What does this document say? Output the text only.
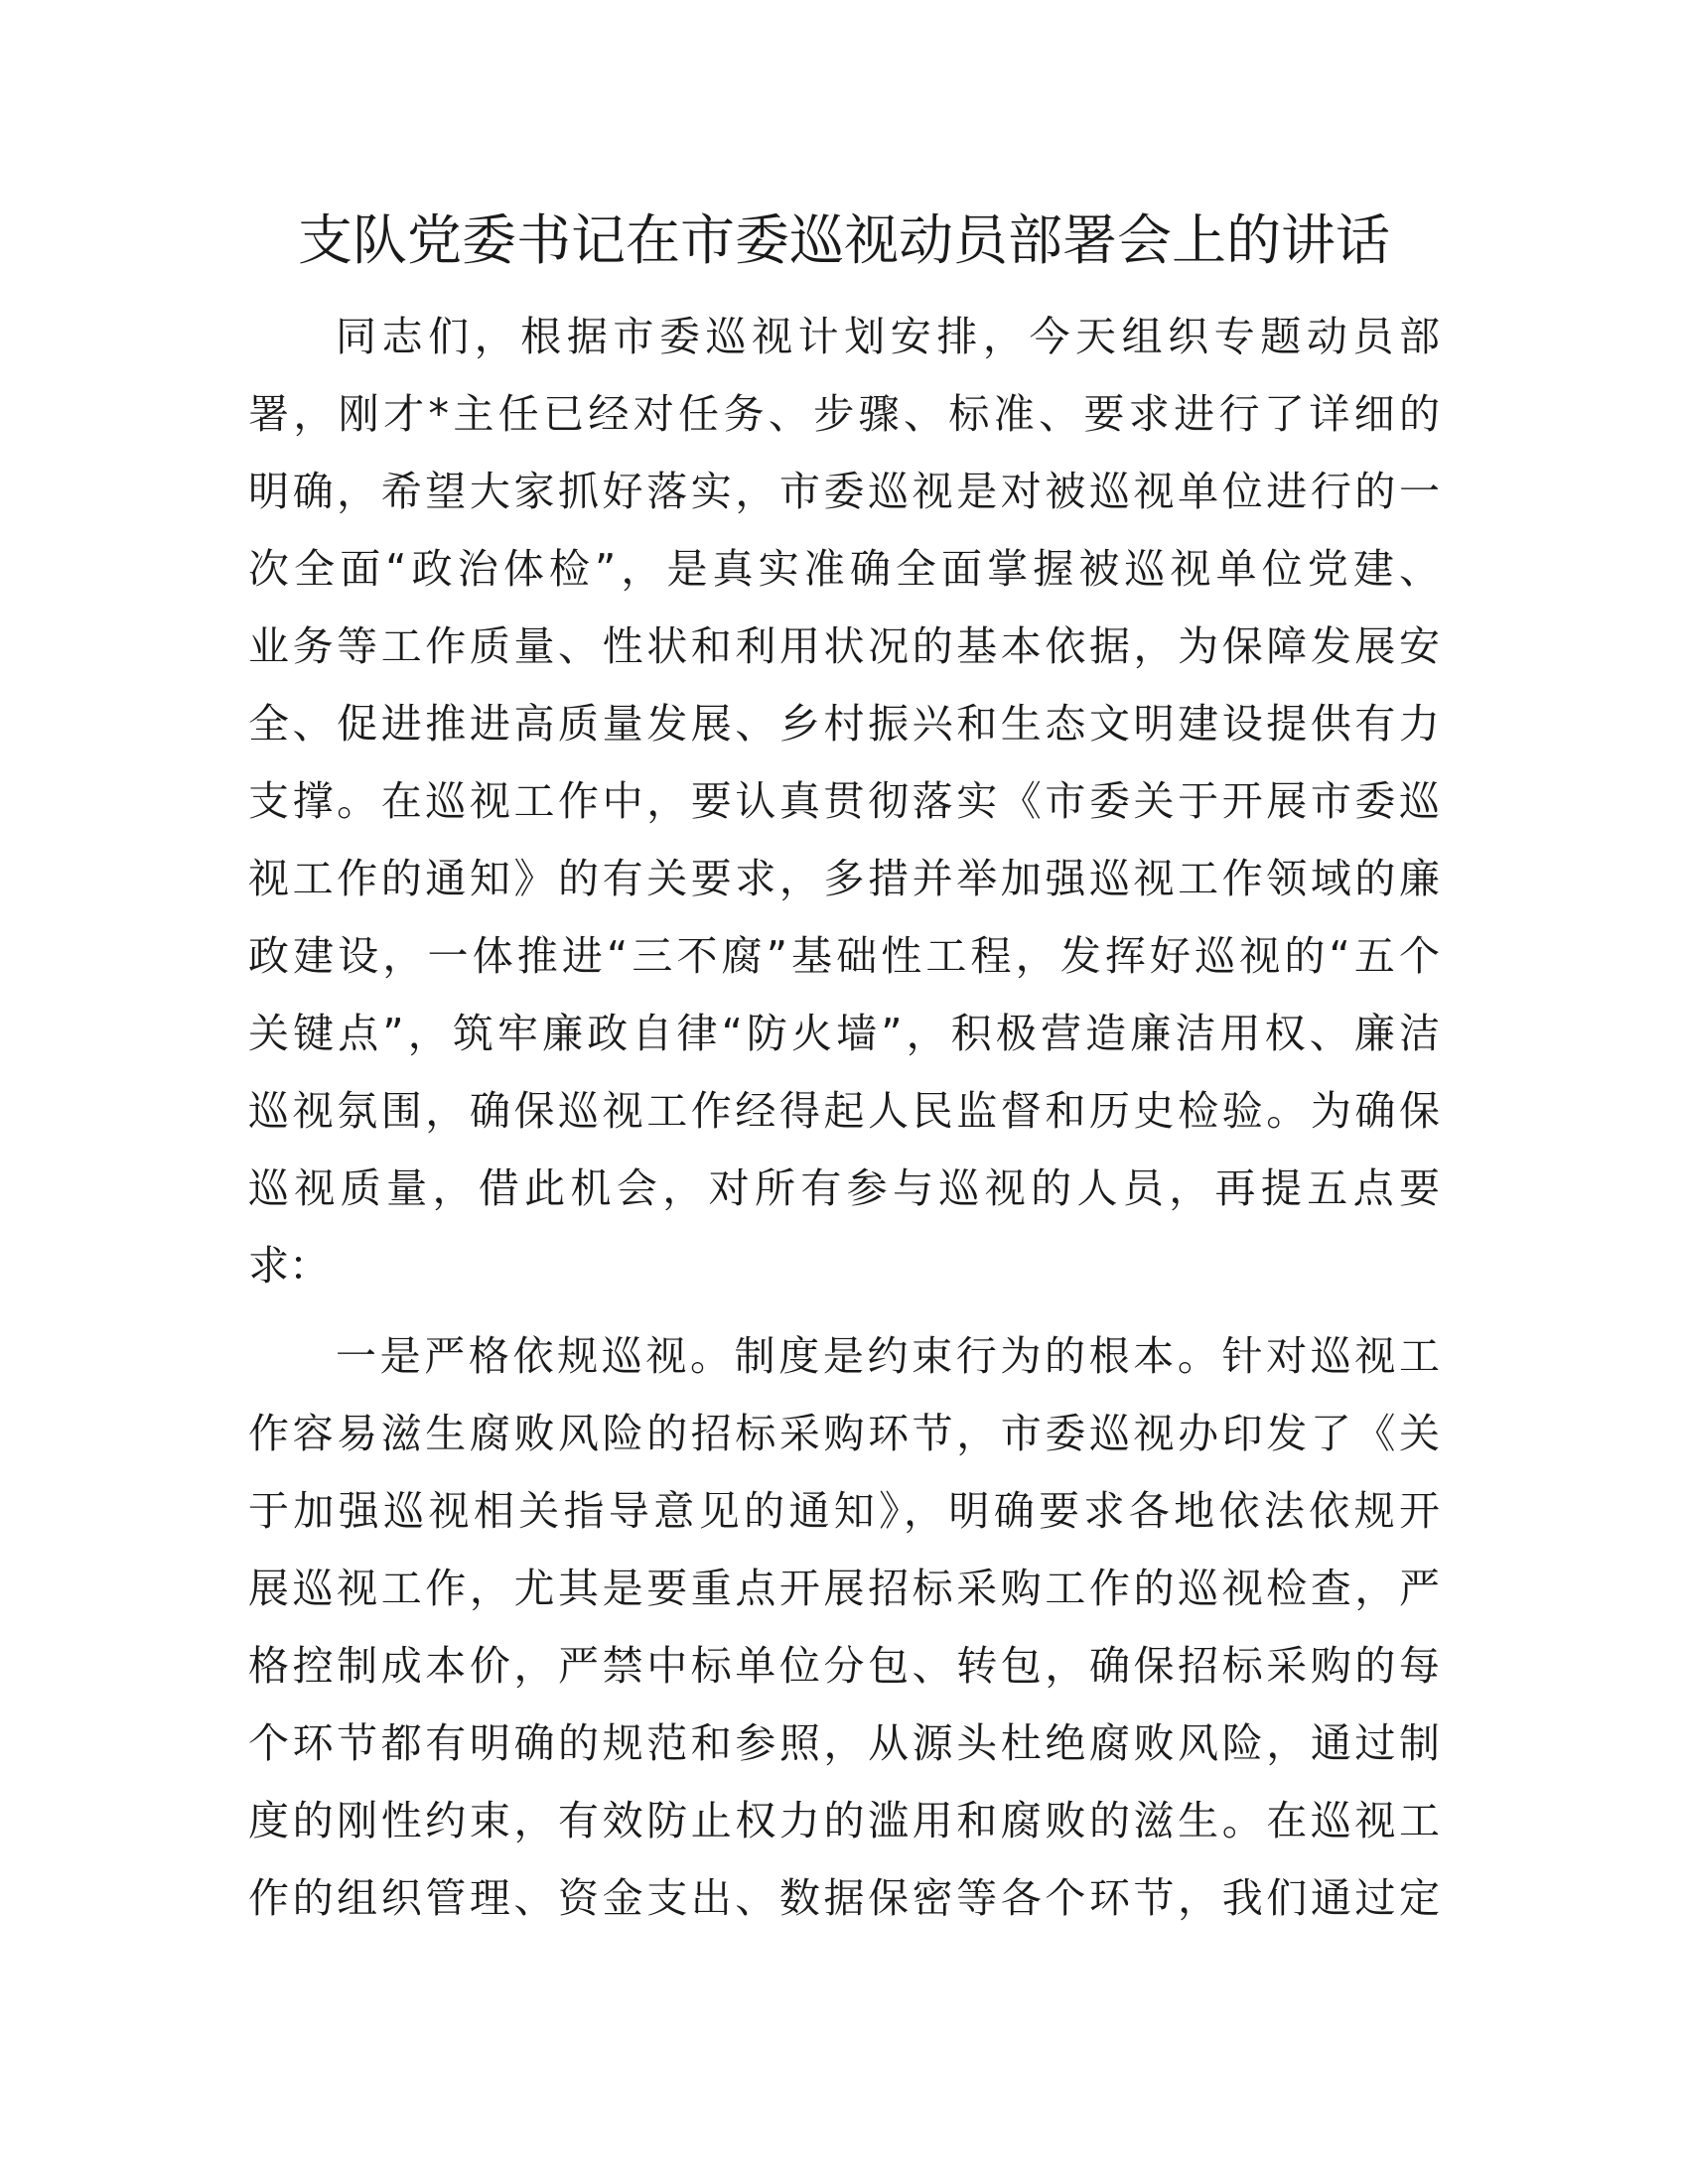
支队党委书记在市委巡视动员部署会上的讲话
同志们，根据市委巡视计划安排，今天组织专题动员部
署，刚才*主任已经对任务、步骤、标准、要求进行了详细的
明确，希望大家抓好落实，市委巡视是对被巡视单位进行的一
次全面“政治体检”，是真实准确全面掌握被巡视单位党建、
业务等工作质量、性状和利用状况的基本依据，为保障发展安
全、促进推进高质量发展、乡村振兴和生态文明建设提供有力
支撑。在巡视工作中，要认真贯彻落实《市委关于开展市委巡
视工作的通知》的有关要求，多措并举加强巡视工作领域的廉
政建设，一体推进“三不腐”基础性工程，发挥好巡视的“五个
关键点”，筑牢廉政自律“防火墙”，积极营造廉洁用权、廉洁
巡视氛围，确保巡视工作经得起人民监督和历史检验。为确保
巡视质量，借此机会，对所有参与巡视的人员，再提五点要
求：
一是严格依规巡视。制度是约束行为的根本。针对巡视工
作容易滋生腐败风险的招标采购环节，市委巡视办印发了《关
于加强巡视相关指导意见的通知》，明确要求各地依法依规开
展巡视工作，尤其是要重点开展招标采购工作的巡视检查，严
格控制成本价，严禁中标单位分包、转包，确保招标采购的每
个环节都有明确的规范和参照，从源头杜绝腐败风险，通过制
度的刚性约束，有效防止权力的滥用和腐败的滋生。在巡视工
作的组织管理、资金支出、数据保密等各个环节，我们通过定
